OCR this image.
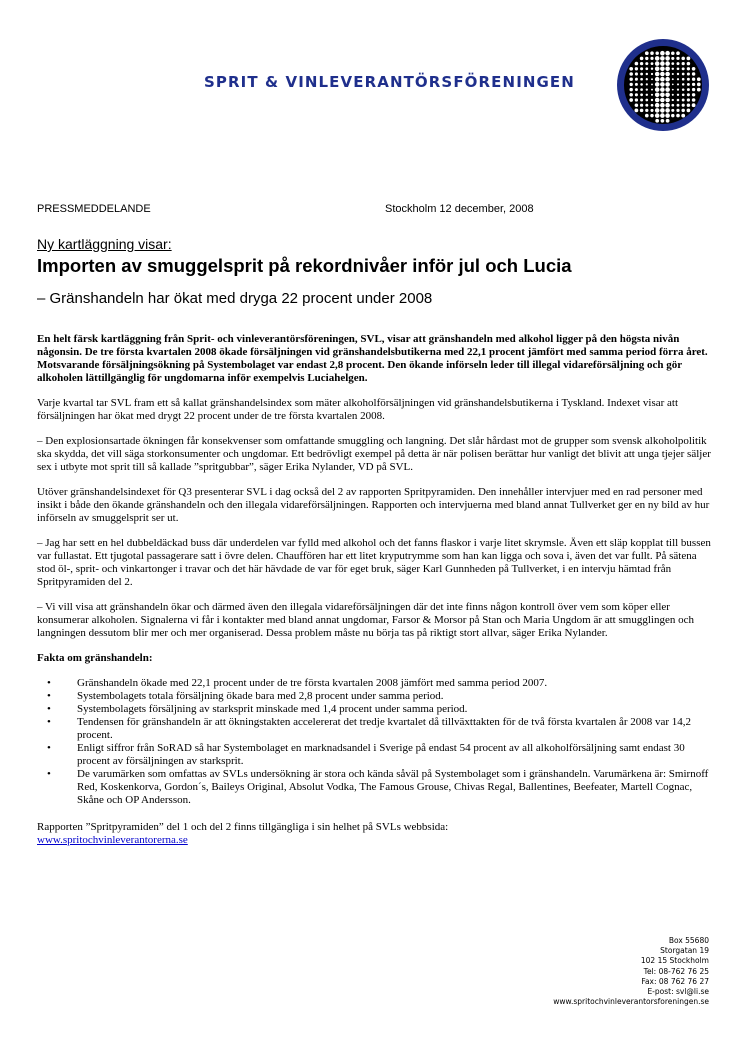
SPRIT & VINLEVERANTÖRSFÖRENINGEN
PRESSMEDDELANDE	Stockholm 12 december, 2008
Ny kartläggning visar:
Importen av smuggelsprit på rekordnivåer inför jul och Lucia
– Gränshandeln har ökat med dryga 22 procent under 2008

En helt färsk kartläggning från Sprit- och vinleverantörsföreningen, SVL, visar att gränshandeln med alkohol ligger på den högsta nivån någonsin. De tre första kvartalen 2008 ökade försäljningen vid gränshandelsbutikerna med 22,1 procent jämfört med samma period förra året. Motsvarande försäljningsökning på Systembolaget var endast 2,8 procent. Den ökande införseln leder till illegal vidareförsäljning och gör alkoholen lättillgänglig för ungdomarna inför exempelvis Luciahelgen.

Varje kvartal tar SVL fram ett så kallat gränshandelsindex som mäter alkoholförsäljningen vid gränshandelsbutikerna i Tyskland. Indexet visar att försäljningen har ökat med drygt 22 procent under de tre första kvartalen 2008.

– Den explosionsartade ökningen får konsekvenser som omfattande smuggling och langning. Det slår hårdast mot de grupper som svensk alkoholpolitik ska skydda, det vill säga storkonsumenter och ungdomar. Ett bedrövligt exempel på detta är när polisen berättar hur vanligt det blivit att unga tjejer säljer sex i utbyte mot sprit till så kallade ”spritgubbar”, säger Erika Nylander, VD på SVL.

Utöver gränshandelsindexet för Q3 presenterar SVL i dag också del 2 av rapporten Spritpyramiden. Den innehåller intervjuer med en rad personer med insikt i både den ökande gränshandeln och den illegala vidareförsäljningen. Rapporten och intervjuerna med bland annat Tullverket ger en ny bild av hur införseln av smuggelsprit ser ut.

– Jag har sett en hel dubbeldäckad buss där underdelen var fylld med alkohol och det fanns flaskor i varje litet skrymsle. Även ett släp kopplat till bussen var fullastat. Ett tjugotal passagerare satt i övre delen. Chauffören har ett litet kryputrymme som han kan ligga och sova i, även det var fullt. På sätena stod öl-, sprit- och vinkartonger i travar och det här hävdade de var för eget bruk, säger Karl Gunnheden på Tullverket, i en intervju hämtad från Spritpyramiden del 2.

– Vi vill visa att gränshandeln ökar och därmed även den illegala vidareförsäljningen där det inte finns någon kontroll över vem som köper eller konsumerar alkoholen. Signalerna vi får i kontakter med bland annat ungdomar, Farsor & Morsor på Stan och Maria Ungdom är att smugglingen och langningen dessutom blir mer och mer organiserad. Dessa problem måste nu börja tas på riktigt stort allvar, säger Erika Nylander.

Fakta om gränshandeln:

• Gränshandeln ökade med 22,1 procent under de tre första kvartalen 2008 jämfört med samma period 2007.
• Systembolagets totala försäljning ökade bara med 2,8 procent under samma period.
• Systembolagets försäljning av starksprit minskade med 1,4 procent under samma period.
• Tendensen för gränshandeln är att ökningstakten accelererat det tredje kvartalet då tillväxttakten för de två första kvartalen år 2008 var 14,2 procent.
• Enligt siffror från SoRAD så har Systembolaget en marknadsandel i Sverige på endast 54 procent av all alkoholförsäljning samt endast 30 procent av försäljningen av starksprit.
• De varumärken som omfattas av SVLs undersökning är stora och kända såväl på Systembolaget som i gränshandeln. Varumärkena är: Smirnoff Red, Koskenkorva, Gordon´s, Baileys Original, Absolut Vodka, The Famous Grouse, Chivas Regal, Ballentines, Beefeater, Martell Cognac, Skåne och OP Andersson.
Rapporten ”Spritpyramiden” del 1 och del 2 finns tillgängliga i sin helhet på SVLs webbsida:
www.spritochvinleverantorerna.se
Box 55680
Storgatan 19
102 15 Stockholm
Tel: 08-762 76 25
Fax: 08 762 76 27
E-post: svl@li.se
www.spritochvinleverantorsforeningen.se
